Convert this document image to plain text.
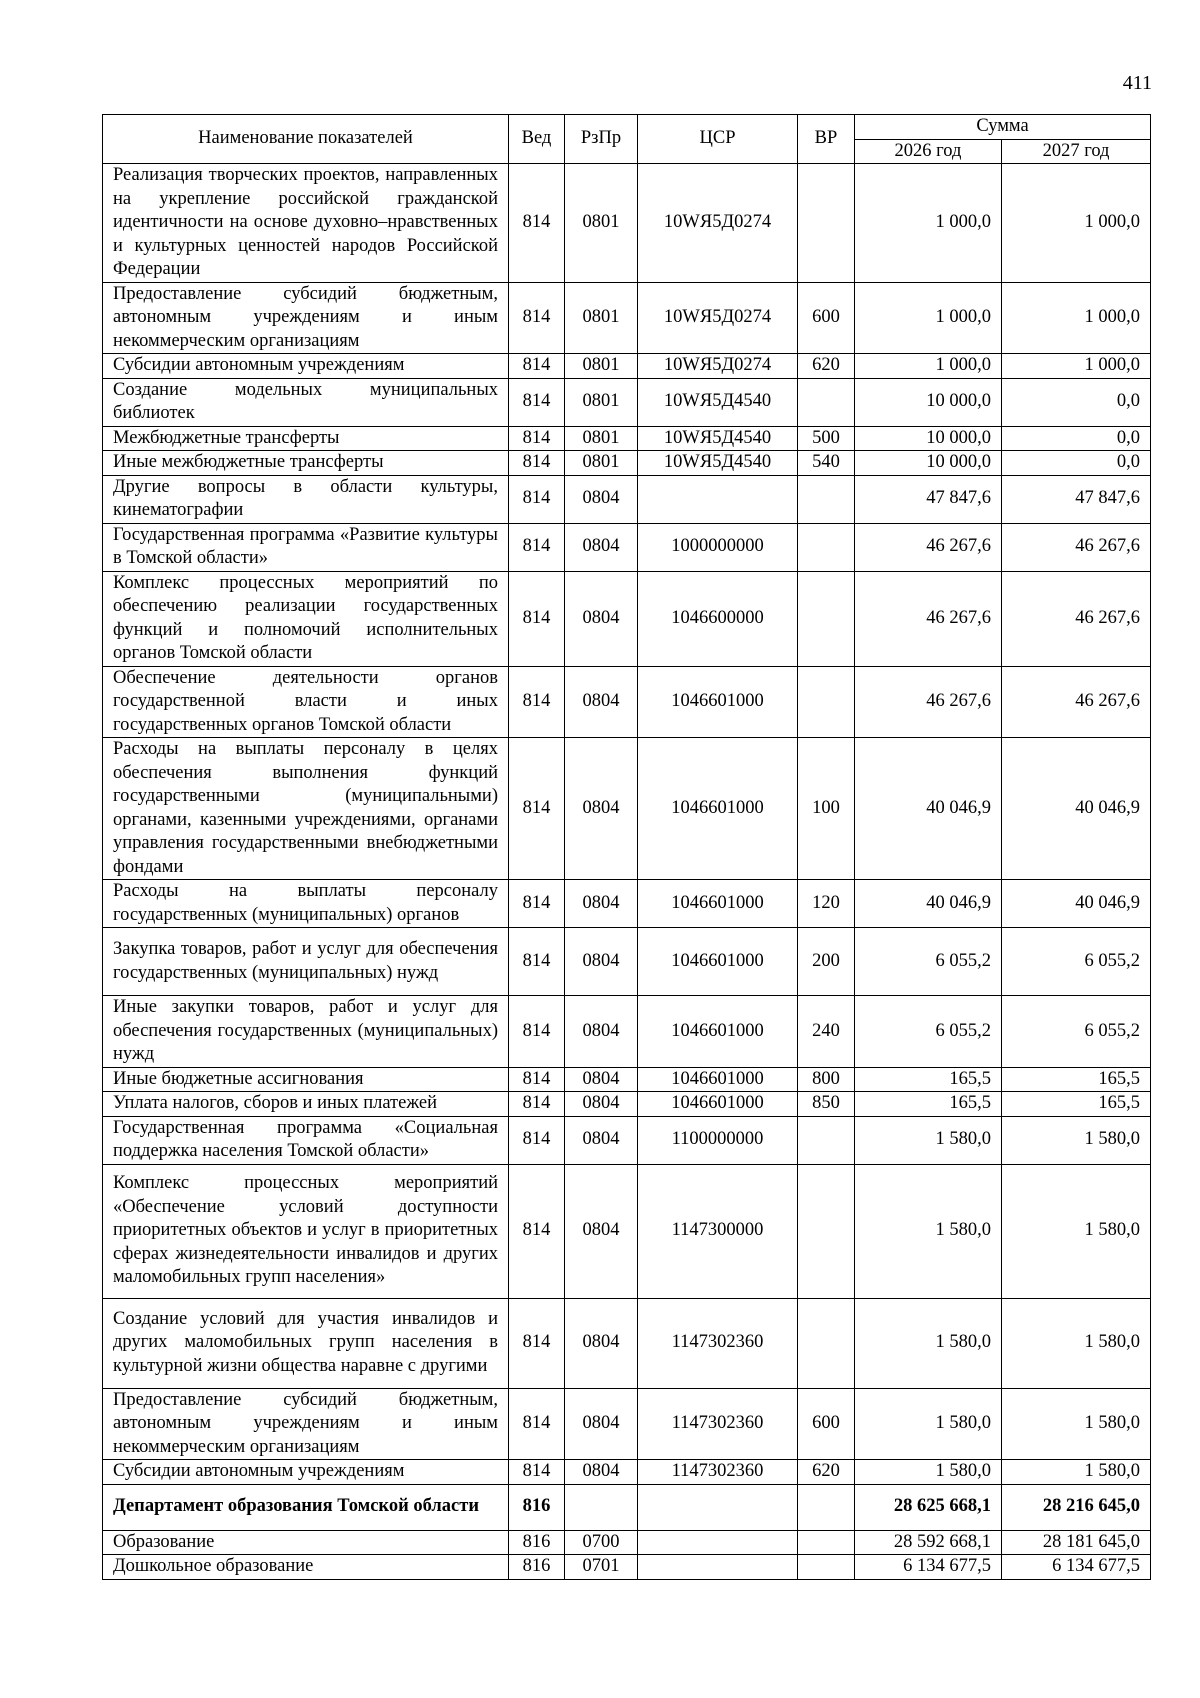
411
Наименование показателей	Вед	РзПр	ЦСР	ВР	Сумма	
					2026 год	2027 год
Реализация творческих проектов, направленных на укрепление российской гражданской идентичности на основе духовно–нравственных и культурных ценностей народов Российской Федерации	814	0801	10WЯ5Д0274		1 000,0	1 000,0
Предоставление субсидий бюджетным, автономным учреждениям и иным некоммерческим организациям	814	0801	10WЯ5Д0274	600	1 000,0	1 000,0
Субсидии автономным учреждениям	814	0801	10WЯ5Д0274	620	1 000,0	1 000,0
Создание модельных муниципальных библиотек	814	0801	10WЯ5Д4540		10 000,0	0,0
Межбюджетные трансферты	814	0801	10WЯ5Д4540	500	10 000,0	0,0
Иные межбюджетные трансферты	814	0801	10WЯ5Д4540	540	10 000,0	0,0
Другие вопросы в области культуры, кинематографии	814	0804			47 847,6	47 847,6
Государственная программа «Развитие культуры в Томской области»	814	0804	1000000000		46 267,6	46 267,6
Комплекс процессных мероприятий по обеспечению реализации государственных функций и полномочий исполнительных органов Томской области	814	0804	1046600000		46 267,6	46 267,6
Обеспечение деятельности органов государственной власти и иных государственных органов Томской области	814	0804	1046601000		46 267,6	46 267,6
Расходы на выплаты персоналу в целях обеспечения выполнения функций государственными (муниципальными) органами, казенными учреждениями, органами управления государственными внебюджетными фондами	814	0804	1046601000	100	40 046,9	40 046,9
Расходы на выплаты персоналу государственных (муниципальных) органов	814	0804	1046601000	120	40 046,9	40 046,9
Закупка товаров, работ и услуг для обеспечения государственных (муниципальных) нужд	814	0804	1046601000	200	6 055,2	6 055,2
Иные закупки товаров, работ и услуг для обеспечения государственных (муниципальных) нужд	814	0804	1046601000	240	6 055,2	6 055,2
Иные бюджетные ассигнования	814	0804	1046601000	800	165,5	165,5
Уплата налогов, сборов и иных платежей	814	0804	1046601000	850	165,5	165,5
Государственная программа «Социальная поддержка населения Томской области»	814	0804	1100000000		1 580,0	1 580,0
Комплекс процессных мероприятий «Обеспечение условий доступности приоритетных объектов и услуг в приоритетных сферах жизнедеятельности инвалидов и других маломобильных групп населения»	814	0804	1147300000		1 580,0	1 580,0
Создание условий для участия инвалидов и других маломобильных групп населения в культурной жизни общества наравне с другими	814	0804	1147302360		1 580,0	1 580,0
Предоставление субсидий бюджетным, автономным учреждениям и иным некоммерческим организациям	814	0804	1147302360	600	1 580,0	1 580,0
Субсидии автономным учреждениям	814	0804	1147302360	620	1 580,0	1 580,0
Департамент образования Томской области	816				28 625 668,1	28 216 645,0
Образование	816	0700			28 592 668,1	28 181 645,0
Дошкольное образование	816	0701			6 134 677,5	6 134 677,5
